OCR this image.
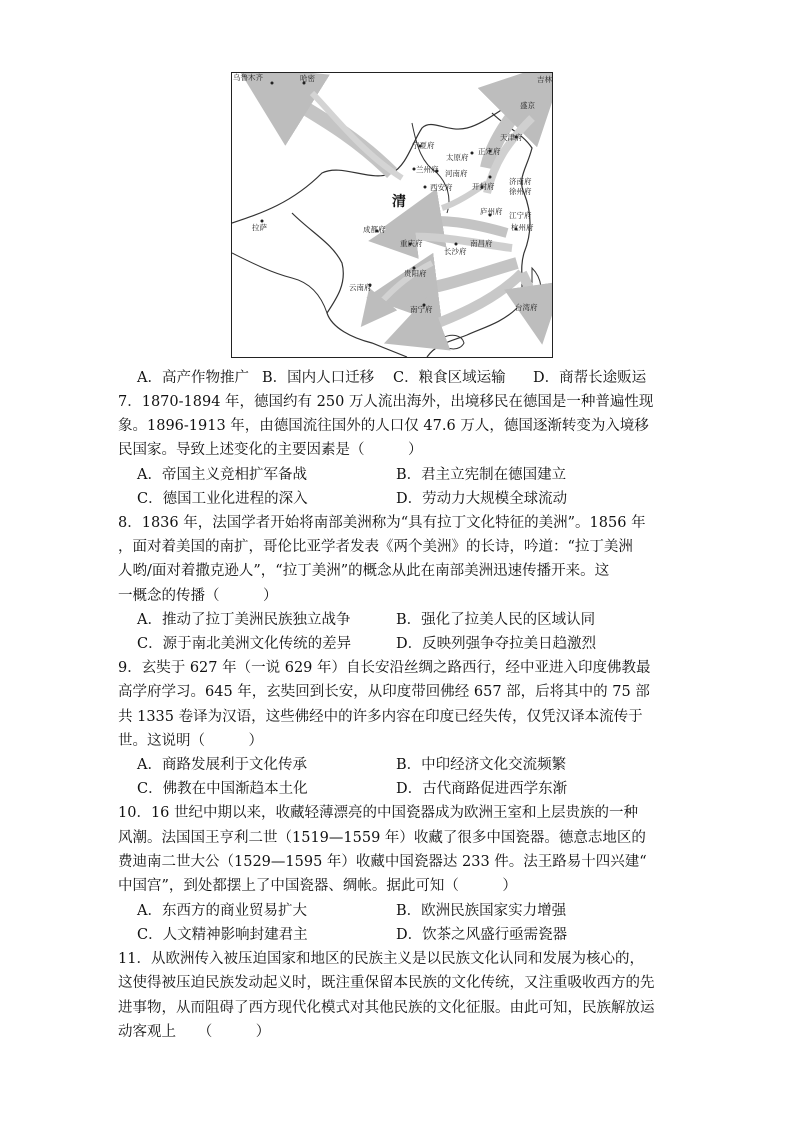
清
乌鲁木齐	哈密	吉林
盛京
宁夏府
天津府
太原府
正定府
兰州府 河南府
济南府
西安府	开封府
徐州府
庐州府 江宁府
成都府	杭州府
拉萨
重庆府	南昌府
长沙府
贵阳府
云南府
台湾府
南宁府
A．高产作物推广 B．国内人口迁移 C．粮食区域运输 D．商帮长途贩运
7．1870-1894 年，德国约有 250 万人流出海外，出境移民在德国是一种普遍性现
象。1896-1913 年，由德国流往国外的人口仅 47.6 万人，德国逐渐转变为入境移
民国家。导致上述变化的主要因素是（　　　）
A．帝国主义竞相扩军备战	B．君主立宪制在德国建立
C．德国工业化进程的深入	D．劳动力大规模全球流动
8．1836 年，法国学者开始将南部美洲称为“具有拉丁文化特征的美洲”。1856 年
，面对着美国的南扩，哥伦比亚学者发表《两个美洲》的长诗，吟道：“拉丁美洲
人哟/面对着撒克逊人”，“拉丁美洲”的概念从此在南部美洲迅速传播开来。这
一概念的传播（　　　）
A．推动了拉丁美洲民族独立战争	B．强化了拉美人民的区域认同
C．源于南北美洲文化传统的差异	D．反映列强争夺拉美日趋激烈
9．玄奘于 627 年（一说 629 年）自长安沿丝绸之路西行，经中亚进入印度佛教最
高学府学习。645 年，玄奘回到长安，从印度带回佛经 657 部，后将其中的 75 部
共 1335 卷译为汉语，这些佛经中的许多内容在印度已经失传，仅凭汉译本流传于
世。这说明（　　　）
A．商路发展利于文化传承	B．中印经济文化交流频繁
C．佛教在中国渐趋本土化	D．古代商路促进西学东渐
10．16 世纪中期以来，收藏轻薄漂亮的中国瓷器成为欧洲王室和上层贵族的一种
风潮。法国国王亨利二世（1519—1559 年）收藏了很多中国瓷器。德意志地区的
费迪南二世大公（1529—1595 年）收藏中国瓷器达 233 件。法王路易十四兴建“
中国宫”，到处都摆上了中国瓷器、绸帐。据此可知（　　　）
A．东西方的商业贸易扩大	B．欧洲民族国家实力增强
C．人文精神影响封建君主	D．饮茶之风盛行亟需瓷器
11．从欧洲传入被压迫国家和地区的民族主义是以民族文化认同和发展为核心的，
这使得被压迫民族发动起义时，既注重保留本民族的文化传统，又注重吸收西方的先
进事物，从而阻碍了西方现代化模式对其他民族的文化征服。由此可知，民族解放运
动客观上　　（　　　）
